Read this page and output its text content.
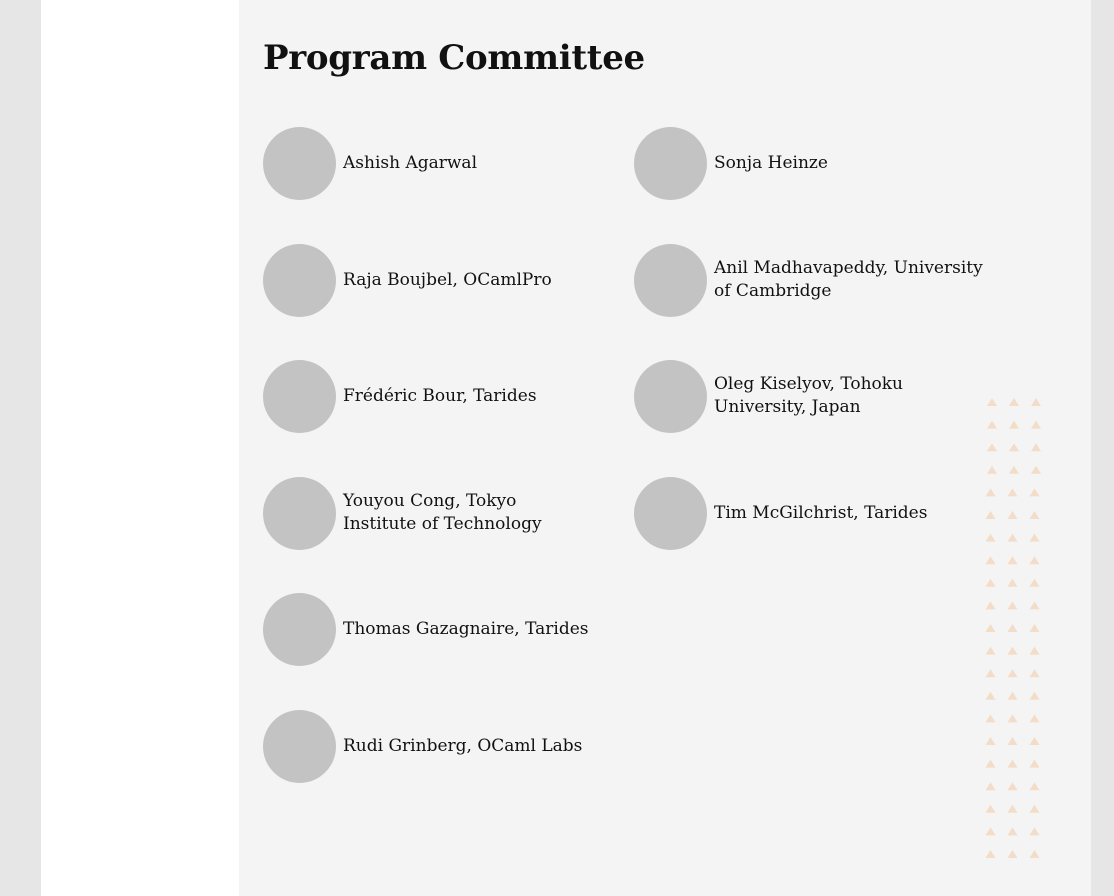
Program Committee
Ashish Agarwal
Raja Boujbel, OCamlPro
Frédéric Bour, Tarides
Youyou Cong, Tokyo Institute of Technology
Thomas Gazagnaire, Tarides
Rudi Grinberg, OCaml Labs
Sonja Heinze
Anil Madhavapeddy, University of Cambridge
Oleg Kiselyov, Tohoku University, Japan
Tim McGilchrist, Tarides
